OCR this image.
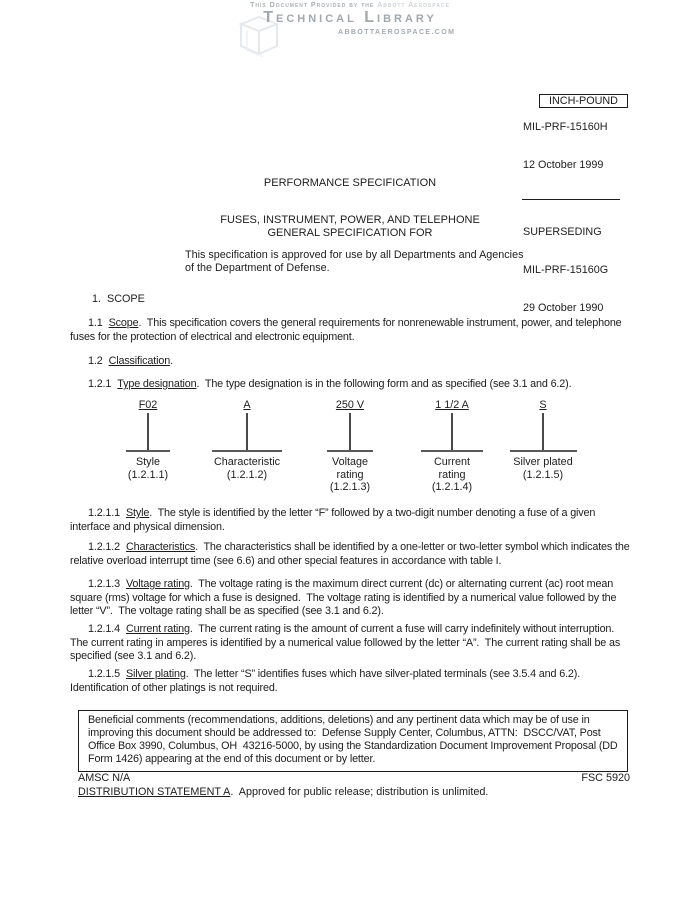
This Document Provided by the Abbott Aerospace
Technical Library
ABBOTTAEROSPACE.COM

INCH-POUND

MIL-PRF-15160H

12 October 1999

SUPERSEDING

MIL-PRF-15160G

29 October 1990

PERFORMANCE SPECIFICATION
FUSES, INSTRUMENT, POWER, AND TELEPHONE
GENERAL SPECIFICATION FOR
This specification is approved for use by all Departments and Agencies
of the Department of Defense.
1.  SCOPE
1.1 Scope.  This specification covers the general requirements for nonrenewable instrument, power, and telephone fuses for the protection of electrical and electronic equipment.
1.2 Classification.
1.2.1 Type designation.  The type designation is in the following form and as specified (see 3.1 and 6.2).
F02
Style
(1.2.1.1)
A
Characteristic
(1.2.1.2)
250 V
Voltage
rating
(1.2.1.3)
1 1/2 A
Current
rating
(1.2.1.4)
S
Silver plated
(1.2.1.5)
1.2.1.1 Style.  The style is identified by the letter “F” followed by a two-digit number denoting a fuse of a given interface and physical dimension.
1.2.1.2 Characteristics.  The characteristics shall be identified by a one-letter or two-letter symbol which indicates the relative overload interrupt time (see 6.6) and other special features in accordance with table I.
1.2.1.3 Voltage rating.  The voltage rating is the maximum direct current (dc) or alternating current (ac) root mean square (rms) voltage for which a fuse is designed.  The voltage rating is identified by a numerical value followed by the letter “V”.  The voltage rating shall be as specified (see 3.1 and 6.2).
1.2.1.4 Current rating.  The current rating is the amount of current a fuse will carry indefinitely without interruption.  The current rating in amperes is identified by a numerical value followed by the letter “A”.  The current rating shall be as specified (see 3.1 and 6.2).
1.2.1.5 Silver plating.  The letter “S” identifies fuses which have silver-plated terminals (see 3.5.4 and 6.2).  Identification of other platings is not required.
Beneficial comments (recommendations, additions, deletions) and any pertinent data which may be of use in improving this document should be addressed to:  Defense Supply Center, Columbus, ATTN:  DSCC/VAT, Post Office Box 3990, Columbus, OH  43216-5000, by using the Standardization Document Improvement Proposal (DD Form 1426) appearing at the end of this document or by letter.
AMSC N/A	FSC 5920
DISTRIBUTION STATEMENT A.  Approved for public release; distribution is unlimited.
